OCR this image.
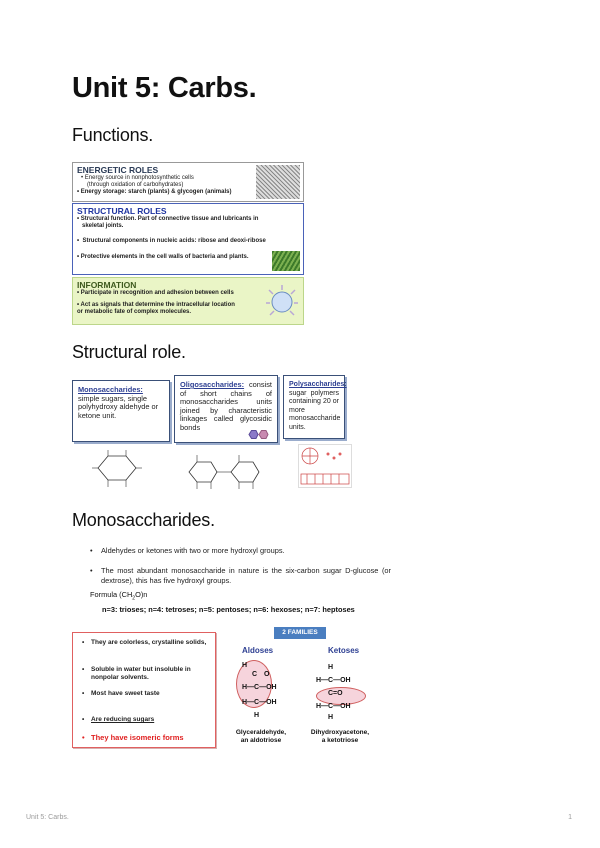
Unit 5: Carbs.
Functions.
ENERGETIC ROLES
• Energy source in nonphotosynthetic cells
(through oxidation of carbohydrates)
• Energy storage: starch (plants) & glycogen (animals)
STRUCTURAL ROLES
• Structural function. Part of connective tissue and lubricants in
skeletal joints.
•  Structural components in nucleic acids: ribose and deoxi-ribose
• Protective elements in the cell walls of bacteria and plants.
INFORMATION
• Participate in recognition and adhesion between cells
• Act as signals that determine the intracellular location
or metabolic fate of complex molecules.
Structural role.
Monosaccharides: simple sugars, single polyhydroxy aldehyde or ketone unit.
Oligosaccharides: consist of short chains of monosaccharides units joined by characteristic linkages called glycosidic bonds
Polysaccharides: sugar polymers containing 20 or more monosaccharide units.
Monosaccharides.
• Aldehydes or ketones with two or more hydroxyl groups.
• The most abundant monosaccharide in nature is the six-carbon sugar D-glucose (or dextrose), this has five hydroxyl groups.
Formula $(CH_2O)n$
n=3: trioses; n=4: tetroses; n=5: pentoses; n=6: hexoses; n=7: heptoses
• They are colorless, crystalline solids,
• Soluble in water but insoluble in nonpolar solvents.
• Most have sweet taste
• Are reducing sugars
• They have isomeric forms
2 FAMILIES
Aldoses	Ketoses
H
C O
H—C—OH
H—C—OH
H
H
H—C—OH
C=O
H—C—OH
H
Glyceraldehyde,
an aldotriose
Dihydroxyacetone,
a ketotriose
Unit 5: Carbs.	1
